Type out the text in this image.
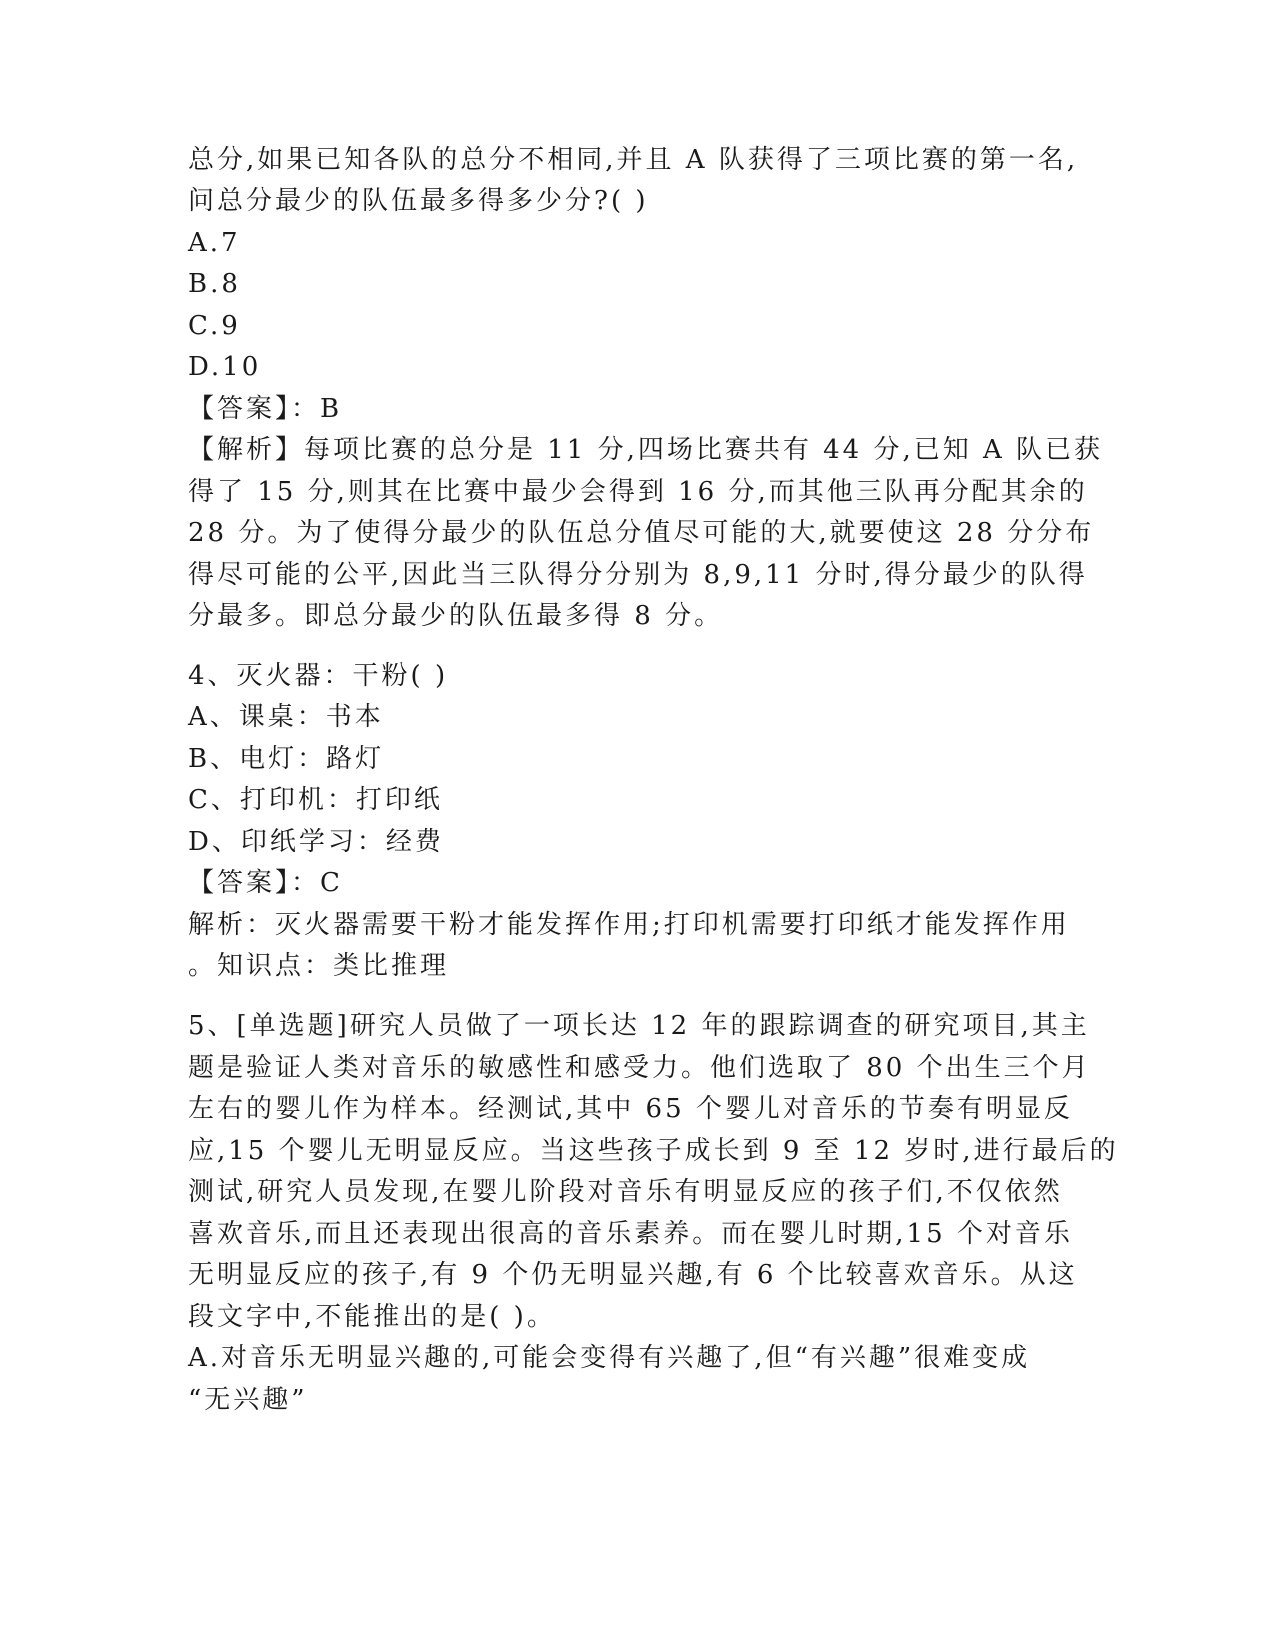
总分,如果已知各队的总分不相同,并且 A 队获得了三项比赛的第一名,
问总分最少的队伍最多得多少分?( )
A.7
B.8
C.9
D.10
【答案】：B
【解析】每项比赛的总分是 11 分,四场比赛共有 44 分,已知 A 队已获
得了 15 分,则其在比赛中最少会得到 16 分,而其他三队再分配其余的
28 分。为了使得分最少的队伍总分值尽可能的大,就要使这 28 分分布
得尽可能的公平,因此当三队得分分别为 8,9,11 分时,得分最少的队得
分最多。即总分最少的队伍最多得 8 分。
4、灭火器：干粉( )
A、课桌：书本
B、电灯：路灯
C、打印机：打印纸
D、印纸学习：经费
【答案】：C
解析：灭火器需要干粉才能发挥作用;打印机需要打印纸才能发挥作用
。知识点：类比推理
5、[单选题]研究人员做了一项长达 12 年的跟踪调查的研究项目,其主
题是验证人类对音乐的敏感性和感受力。他们选取了 80 个出生三个月
左右的婴儿作为样本。经测试,其中 65 个婴儿对音乐的节奏有明显反
应,15 个婴儿无明显反应。当这些孩子成长到 9 至 12 岁时,进行最后的
测试,研究人员发现,在婴儿阶段对音乐有明显反应的孩子们,不仅依然
喜欢音乐,而且还表现出很高的音乐素养。而在婴儿时期,15 个对音乐
无明显反应的孩子,有 9 个仍无明显兴趣,有 6 个比较喜欢音乐。从这
段文字中,不能推出的是( )。
A.对音乐无明显兴趣的,可能会变得有兴趣了,但“有兴趣”很难变成
“无兴趣”
